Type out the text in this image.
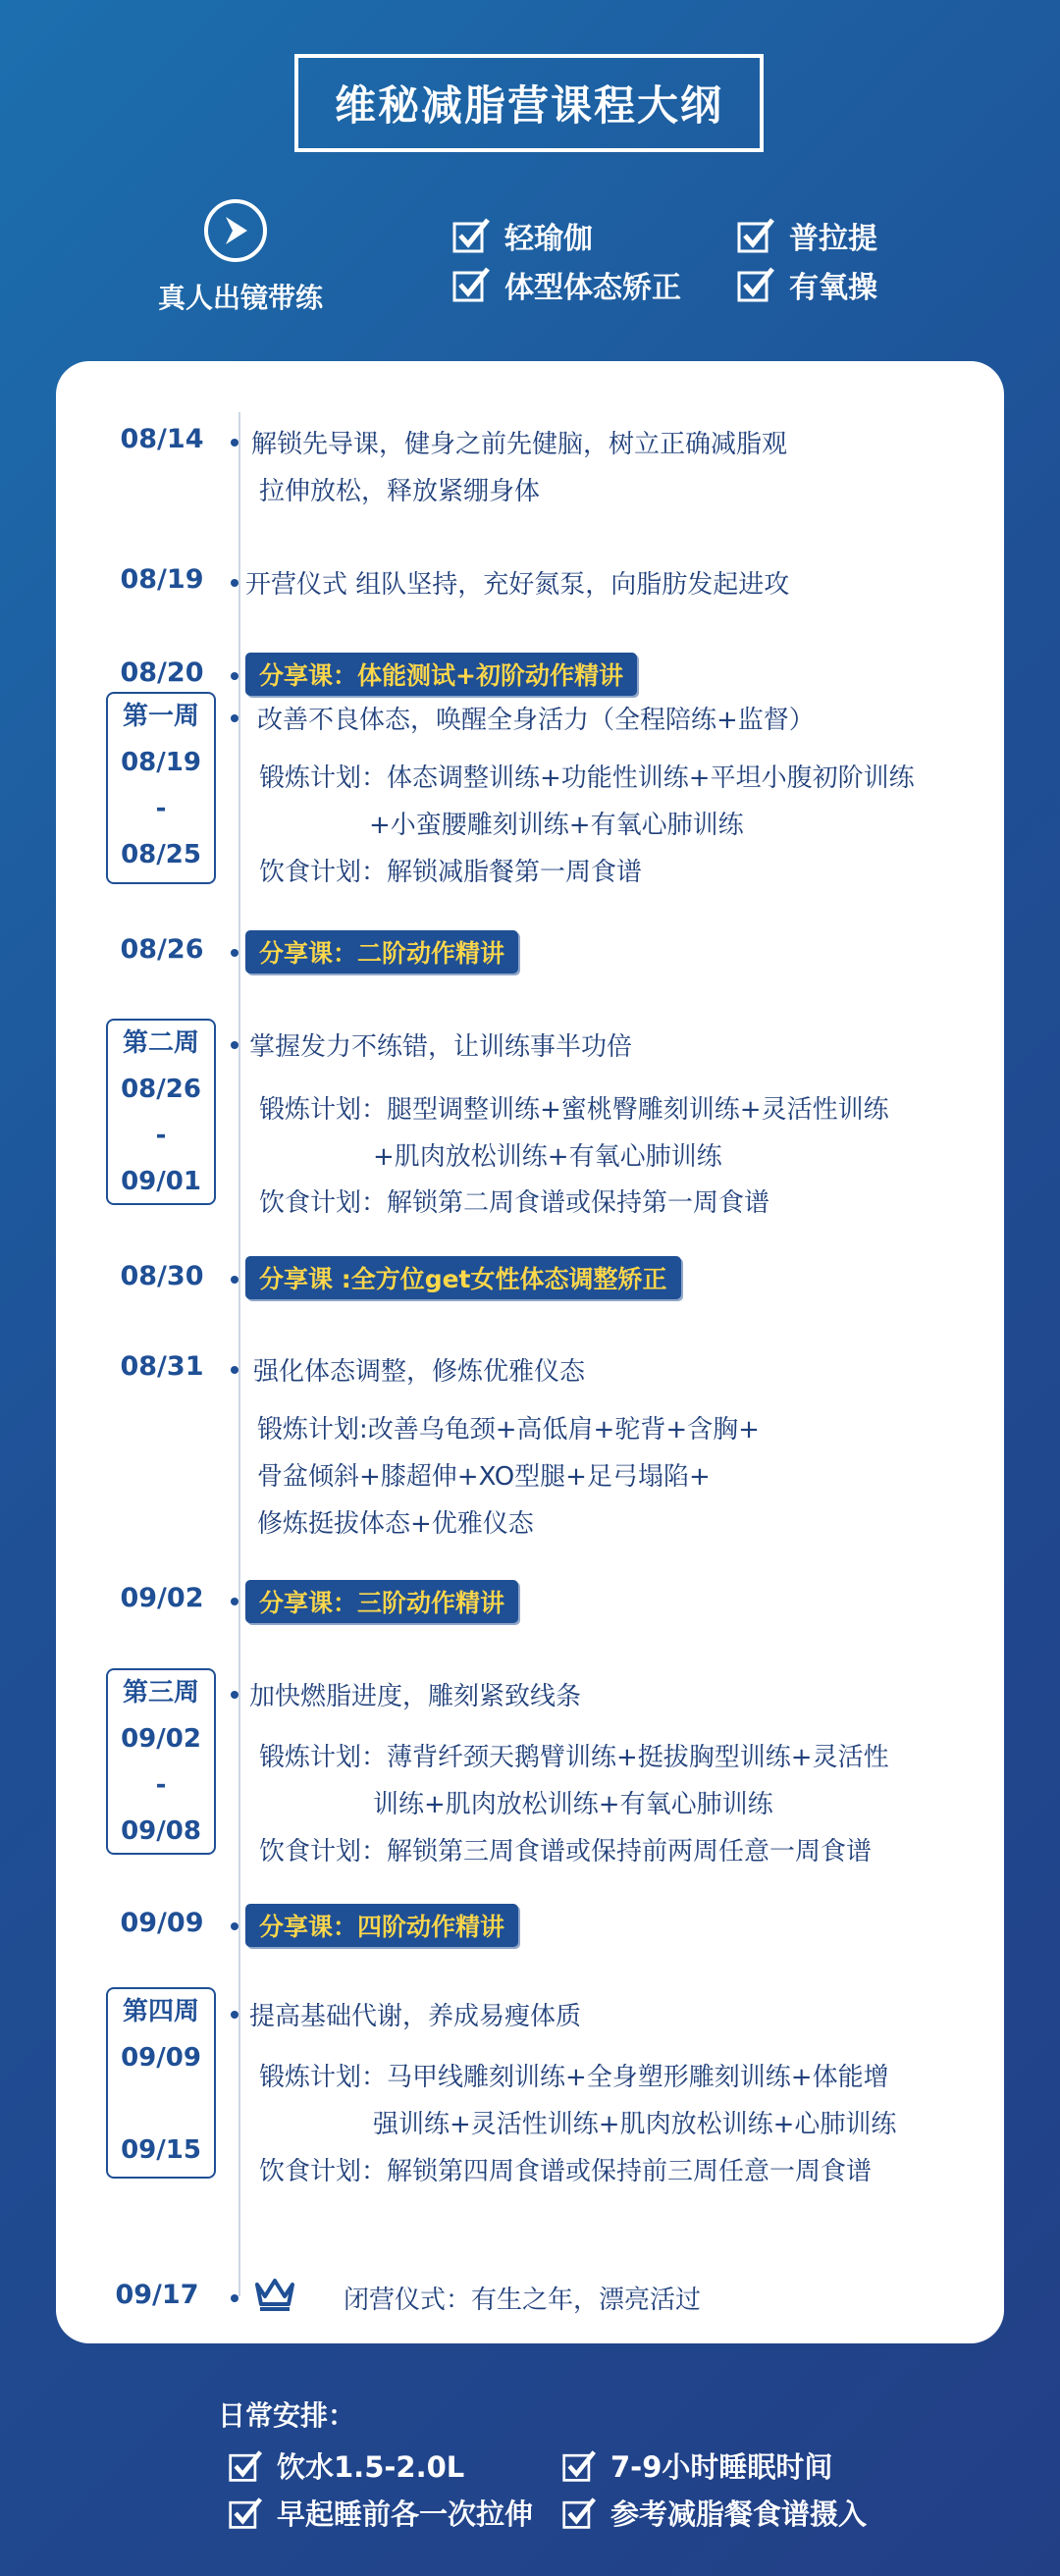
维秘减脂营课程大纲
真人出镜带练
轻瑜伽	普拉提
体型体态矫正	有氧操
08/14	解锁先导课，健身之前先健脑，树立正确减脂观
拉伸放松，释放紧绷身体
08/19	开营仪式 组队坚持，充好氮泵，向脂肪发起进攻
08/20	分享课：体能测试+初阶动作精讲
第一周
08/19
-
08/25
改善不良体态，唤醒全身活力（全程陪练+监督）
锻炼计划：体态调整训练+功能性训练+平坦小腹初阶训练
+小蛮腰雕刻训练+有氧心肺训练
饮食计划：解锁减脂餐第一周食谱
08/26	分享课：二阶动作精讲
第二周
08/26
-
09/01
掌握发力不练错，让训练事半功倍
锻炼计划：腿型调整训练+蜜桃臀雕刻训练+灵活性训练
+肌肉放松训练+有氧心肺训练
饮食计划：解锁第二周食谱或保持第一周食谱
08/30	分享课 :全方位get女性体态调整矫正
08/31	强化体态调整，修炼优雅仪态
锻炼计划:改善乌龟颈+高低肩+驼背+含胸+
骨盆倾斜+膝超伸+XO型腿+足弓塌陷+
修炼挺拔体态+优雅仪态
09/02	分享课：三阶动作精讲
第三周
09/02
-
09/08
加快燃脂进度，雕刻紧致线条
锻炼计划：薄背纤颈天鹅臂训练+挺拔胸型训练+灵活性
训练+肌肉放松训练+有氧心肺训练
饮食计划：解锁第三周食谱或保持前两周任意一周食谱
09/09	分享课：四阶动作精讲
第四周
09/09
09/15
提高基础代谢，养成易瘦体质
锻炼计划：马甲线雕刻训练+全身塑形雕刻训练+体能增
强训练+灵活性训练+肌肉放松训练+心肺训练
饮食计划：解锁第四周食谱或保持前三周任意一周食谱
09/17	闭营仪式：有生之年，漂亮活过
日常安排：
饮水1.5-2.0L	7-9小时睡眠时间
早起睡前各一次拉伸	参考减脂餐食谱摄入
